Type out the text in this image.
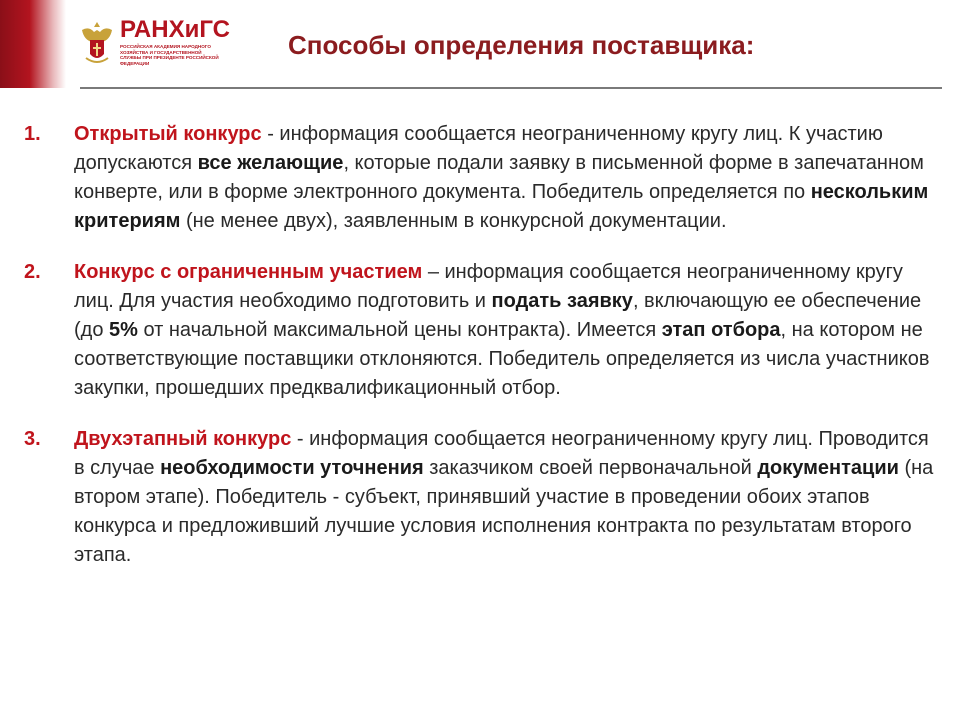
РАНХиГС
РОССИЙСКАЯ АКАДЕМИЯ НАРОДНОГО ХОЗЯЙСТВА И ГОСУДАРСТВЕННОЙ СЛУЖБЫ ПРИ ПРЕЗИДЕНТЕ РОССИЙСКОЙ ФЕДЕРАЦИИ
Способы определения поставщика:
1.	Открытый конкурс - информация сообщается неограниченному кругу лиц. К участию допускаются все желающие, которые подали заявку в письменной форме в запечатанном конверте, или в форме электронного документа. Победитель определяется по нескольким критериям (не менее двух), заявленным в конкурсной документации.
2.	Конкурс с ограниченным участием – информация сообщается неограниченному кругу лиц. Для участия необходимо подготовить и подать заявку, включающую ее обеспечение (до 5% от начальной максимальной цены контракта). Имеется этап отбора, на котором не соответствующие поставщики отклоняются. Победитель определяется из числа участников закупки, прошедших предквалификационный отбор.
3.	Двухэтапный конкурс - информация сообщается неограниченному кругу лиц. Проводится в случае необходимости уточнения заказчиком своей первоначальной документации (на втором этапе). Победитель - субъект, принявший участие в проведении обоих этапов конкурса и предложивший лучшие условия исполнения контракта по результатам второго этапа.
